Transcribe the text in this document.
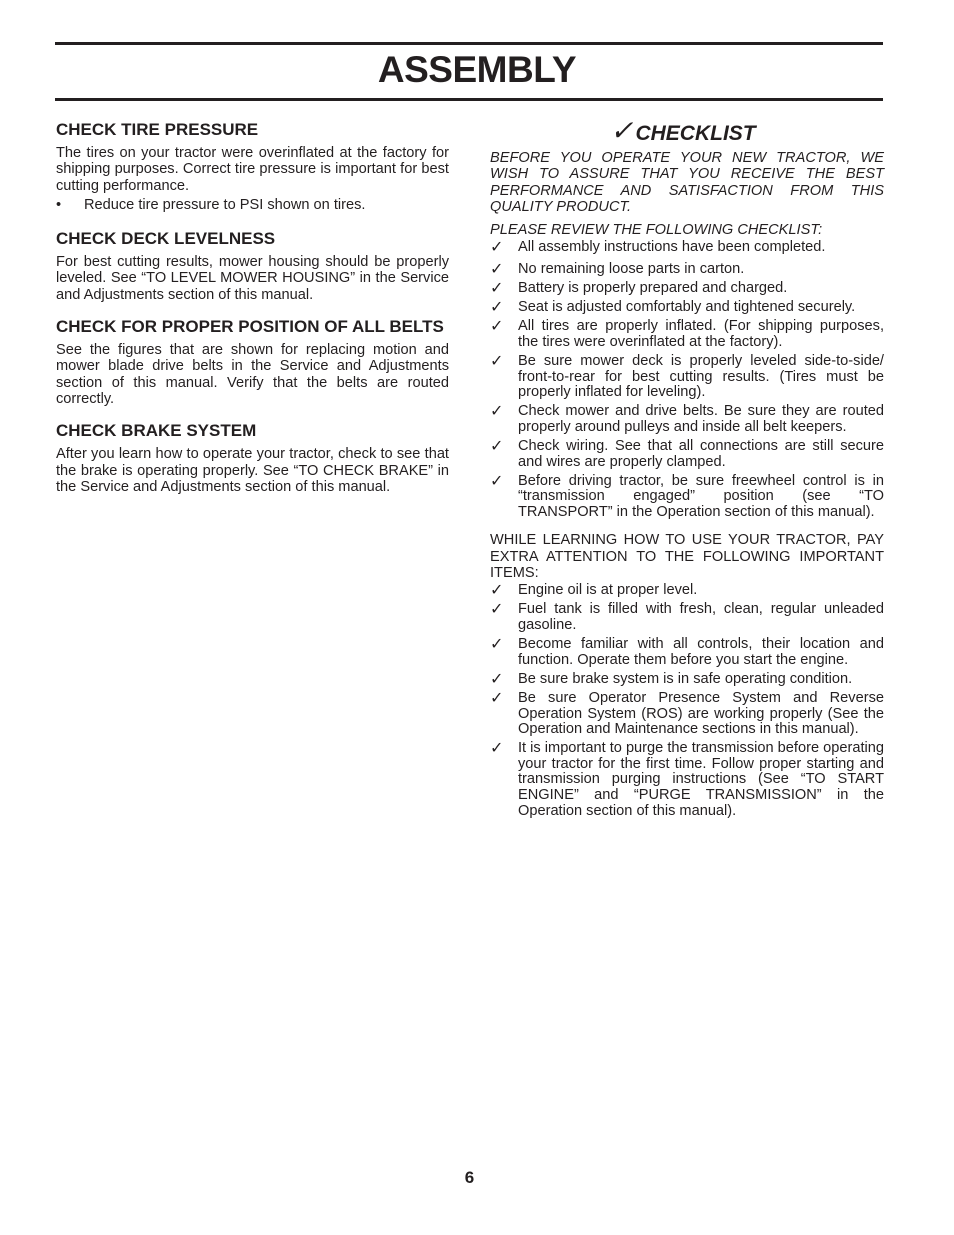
ASSEMBLY
CHECK TIRE PRESSURE

The tires on your tractor were overinflated at the factory for shipping purposes. Correct tire pressure is important for best cutting performance.

•	Reduce tire pressure to PSI shown on tires.
CHECK DECK LEVELNESS

For best cutting results, mower housing should be properly leveled. See “TO LEVEL MOWER HOUSING” in the Service and Adjustments section of this manual.

CHECK FOR PROPER POSITION OF ALL BELTS

See the figures that are shown for replacing motion and mower blade drive belts in the Service and Adjustments section of this manual. Verify that the belts are routed correctly.

CHECK BRAKE SYSTEM

After you learn how to operate your tractor, check to see that the brake is operating properly. See “TO CHECK BRAKE” in the Service and Adjustments section of this manual.

✓ CHECKLIST

BEFORE YOU OPERATE YOUR NEW TRACTOR, WE WISH TO ASSURE THAT YOU RECEIVE THE BEST PERFORMANCE AND SATISFACTION FROM THIS QUALITY PRODUCT.

PLEASE REVIEW THE FOLLOWING CHECKLIST:

✓ All assembly instructions have been completed.
✓ No remaining loose parts in carton.
✓ Battery is properly prepared and charged.
✓ Seat is adjusted comfortably and tightened securely.
✓ All tires are properly inflated. (For shipping purposes, the tires were overinflated at the factory).
✓ Be sure mower deck is properly leveled side-to-side/ front-to-rear for best cutting results. (Tires must be properly inflated for leveling).
✓ Check mower and drive belts. Be sure they are routed properly around pulleys and inside all belt keepers.
✓ Check wiring. See that all connections are still secure and wires are properly clamped.
✓ Before driving tractor, be sure freewheel control is in “transmission engaged” position (see “TO TRANSPORT” in the Operation section of this manual).

WHILE LEARNING HOW TO USE YOUR TRACTOR, PAY EXTRA ATTENTION TO THE FOLLOWING IMPORTANT ITEMS:

✓ Engine oil is at proper level.
✓ Fuel tank is filled with fresh, clean, regular unleaded gasoline.
✓ Become familiar with all controls, their location and function. Operate them before you start the engine.
✓ Be sure brake system is in safe operating condition.
✓ Be sure Operator Presence System and Reverse Operation System (ROS) are working properly (See the Operation and Maintenance sections in this manual).
✓ It is important to purge the transmission before operating your tractor for the first time. Follow proper starting and transmission purging instructions (See “TO START ENGINE” and “PURGE TRANSMISSION” in the Operation section of this manual).
6
